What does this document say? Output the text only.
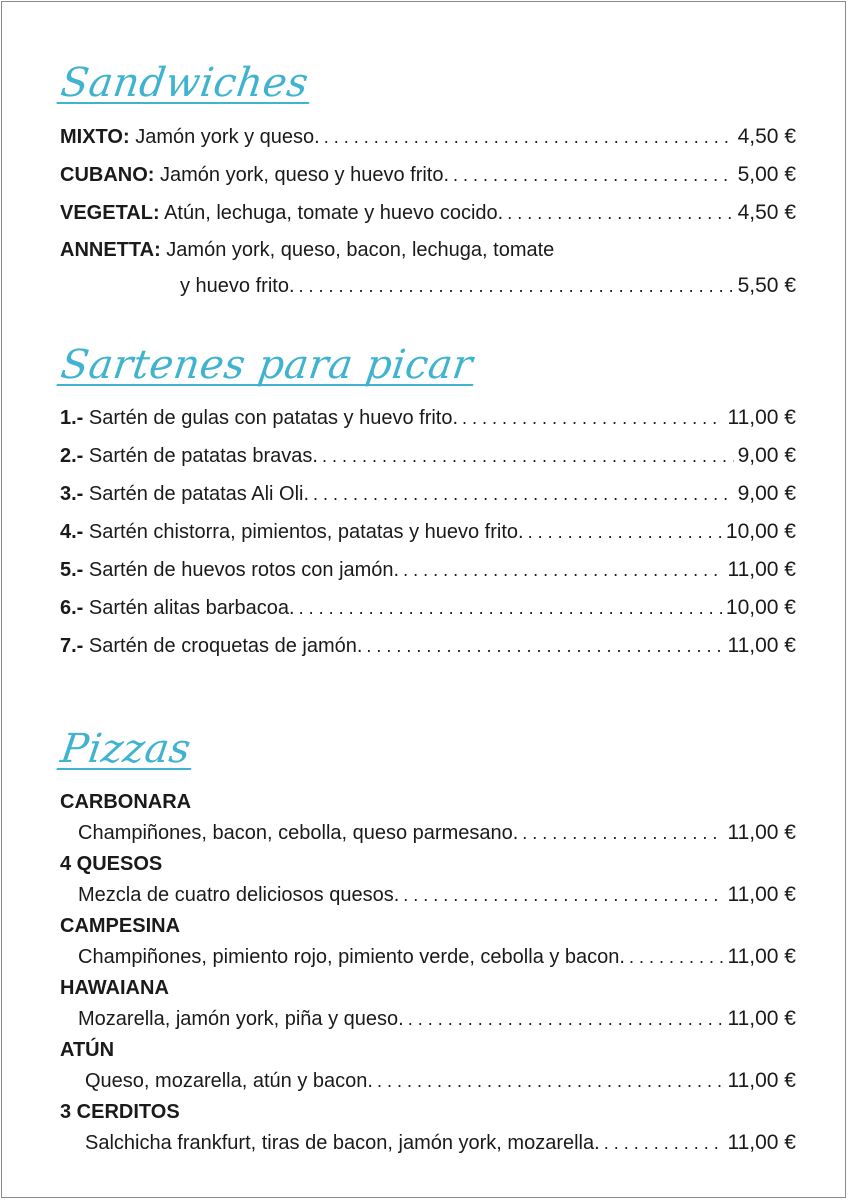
Sandwiches
MIXTO: Jamón york y queso. . . .	4,50 €
CUBANO: Jamón york, queso y huevo frito. . . .	5,00 €
VEGETAL: Atún, lechuga, tomate y huevo cocido. . . .	4,50 €
ANNETTA: Jamón york, queso, bacon, lechuga, tomate
y huevo frito. . . .	5,50 €
Sartenes para picar
1.- Sartén de gulas con patatas y huevo frito. . . .	11,00 €
2.- Sartén de patatas bravas. . . .	9,00 €
3.- Sartén de patatas Ali Oli. . . .	9,00 €
4.- Sartén chistorra, pimientos, patatas y huevo frito. . . .	10,00 €
5.- Sartén de huevos rotos con jamón. . . .	11,00 €
6.- Sartén alitas barbacoa. . . .	10,00 €
7.- Sartén de croquetas de jamón. . . .	11,00 €
Pizzas
CARBONARA
Champiñones, bacon, cebolla, queso parmesano. . . .	11,00 €
4 QUESOS
Mezcla de cuatro deliciosos quesos. . . .	11,00 €
CAMPESINA
Champiñones, pimiento rojo, pimiento verde, cebolla y bacon. . . .	11,00 €
HAWAIANA
Mozarella, jamón york, piña y queso. . . .	11,00 €
ATÚN
Queso, mozarella, atún y bacon. . . .	11,00 €
3 CERDITOS
Salchicha frankfurt, tiras de bacon, jamón york, mozarella. . . .	11,00 €
